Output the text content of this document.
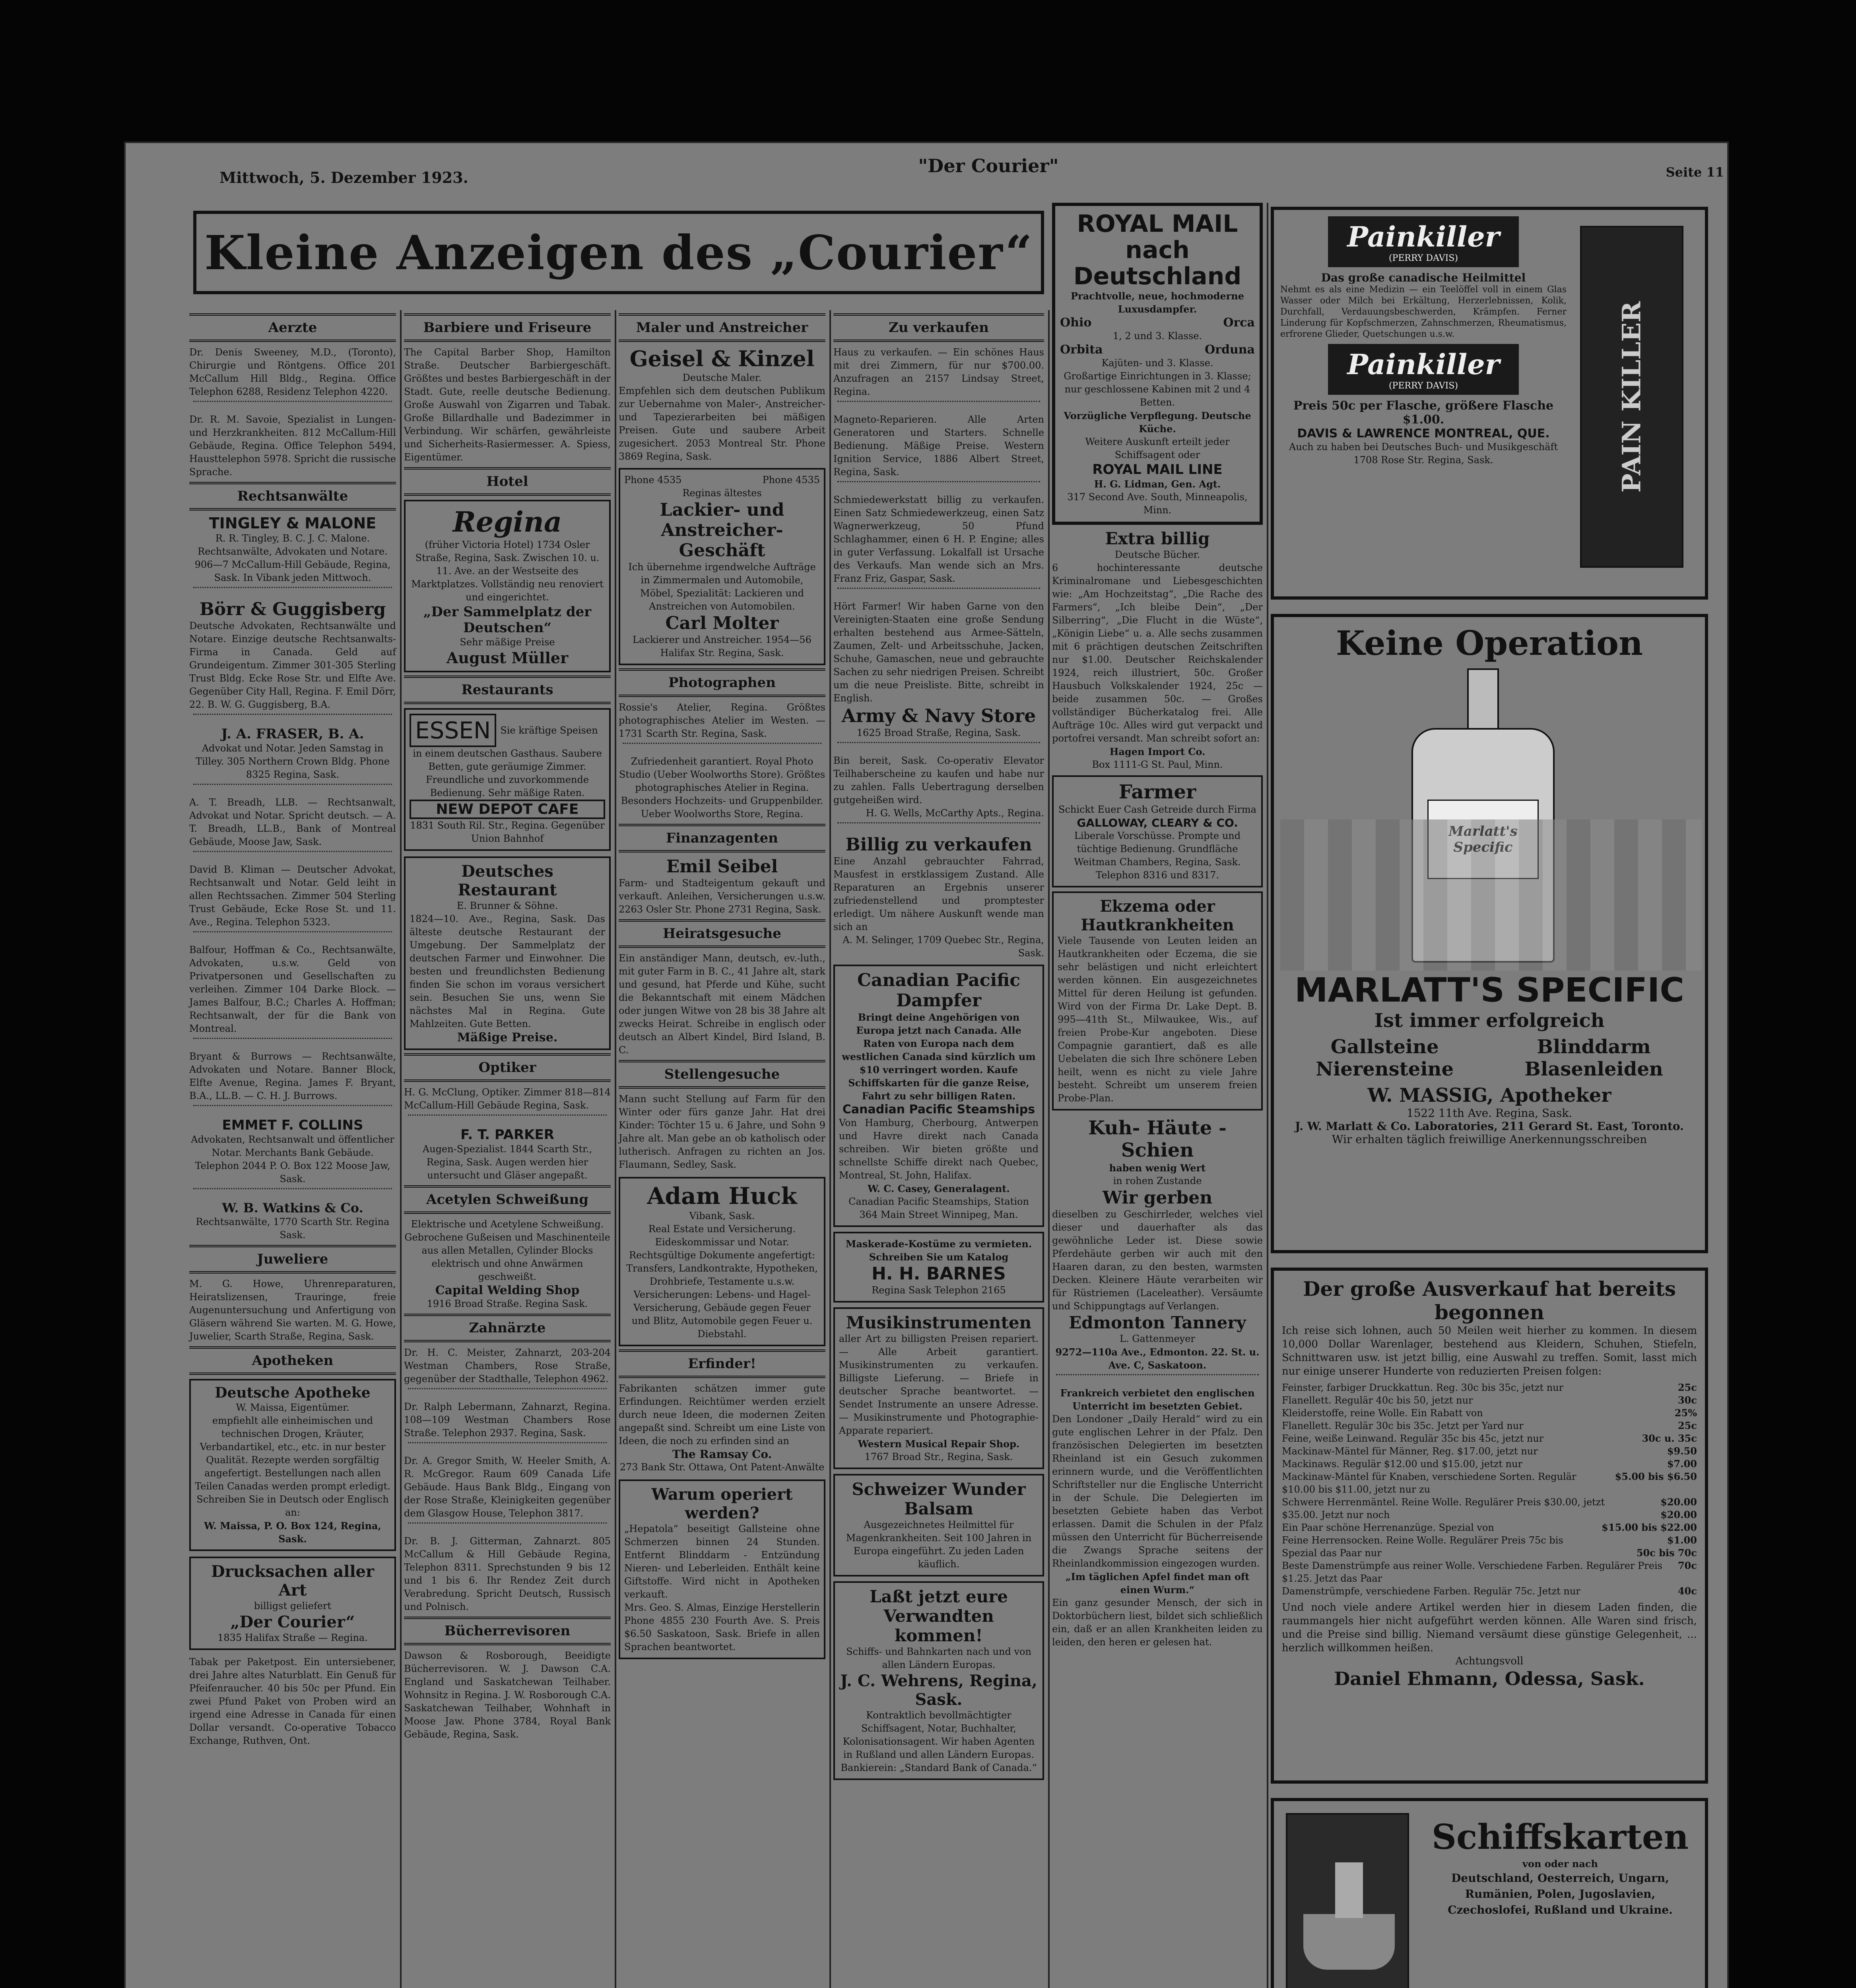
Mittwoch, 5. Dezember 1923.
"Der Courier"	Seite 11
Kleine Anzeigen des „Courier“
Aerzte
Dr. Denis Sweeney, M.D., (Toronto), Chirurgie und Röntgens. Office 201 McCallum Hill Bldg., Regina. Office Telephon 6288, Residenz Telephon 4220.
Dr. R. M. Savoie, Spezialist in Lungen- und Herzkrankheiten. 812 McCallum-Hill Gebäude, Regina. Office Telephon 5494, Hausttelephon 5978. Spricht die russische Sprache.
Rechtsanwälte
TINGLEY & MALONE
R. R. Tingley, B. C. J. C. Malone. Rechtsanwälte, Advokaten und Notare. 906—7 McCallum-Hill Gebäude, Regina, Sask. In Vibank jeden Mittwoch.
Börr & Guggisberg
Deutsche Advokaten, Rechtsanwälte und Notare. Einzige deutsche Rechtsanwalts-Firma in Canada. Geld auf Grundeigentum. Zimmer 301-305 Sterling Trust Bldg. Ecke Rose Str. und Elfte Ave. Gegenüber City Hall, Regina. F. Emil Dörr, 22. B. W. G. Guggisberg, B.A.
J. A. FRASER, B. A.
Advokat und Notar. Jeden Samstag in Tilley. 305 Northern Crown Bldg. Phone 8325 Regina, Sask.
A. T. Breadh, LLB. — Rechtsanwalt, Advokat und Notar. Spricht deutsch. — A. T. Breadh, LL.B., Bank of Montreal Gebäude, Moose Jaw, Sask.
David B. Kliman — Deutscher Advokat, Rechtsanwalt und Notar. Geld leiht in allen Rechtssachen. Zimmer 504 Sterling Trust Gebäude, Ecke Rose St. und 11. Ave., Regina. Telephon 5323.
Balfour, Hoffman & Co., Rechtsanwälte, Advokaten, u.s.w. Geld von Privatpersonen und Gesellschaften zu verleihen. Zimmer 104 Darke Block. — James Balfour, B.C.; Charles A. Hoffman; Rechtsanwalt, der für die Bank von Montreal.
Bryant & Burrows — Rechtsanwälte, Advokaten und Notare. Banner Block, Elfte Avenue, Regina. James F. Bryant, B.A., LL.B. — C. H. J. Burrows.
EMMET F. COLLINS
Advokaten, Rechtsanwalt und öffentlicher Notar. Merchants Bank Gebäude. Telephon 2044 P. O. Box 122 Moose Jaw, Sask.
W. B. Watkins & Co.
Rechtsanwälte, 1770 Scarth Str. Regina Sask.
Juweliere
M. G. Howe, Uhrenreparaturen, Heiratslizensen, Trauringe, freie Augenuntersuchung und Anfertigung von Gläsern während Sie warten. M. G. Howe, Juwelier, Scarth Straße, Regina, Sask.
Apotheken
Deutsche Apotheke
W. Maissa, Eigentümer.
empfiehlt alle einheimischen und technischen Drogen, Kräuter, Verbandartikel, etc., etc. in nur bester Qualität. Rezepte werden sorgfältig angefertigt. Bestellungen nach allen Teilen Canadas werden prompt erledigt. Schreiben Sie in Deutsch oder Englisch an:
W. Maissa, P. O. Box 124, Regina, Sask.
Drucksachen aller Art
billigst geliefert
„Der Courier“
1835 Halifax Straße — Regina.
Tabak per Paketpost. Ein untersiebener, drei Jahre altes Naturblatt. Ein Genuß für Pfeifenraucher. 40 bis 50c per Pfund. Ein zwei Pfund Paket von Proben wird an irgend eine Adresse in Canada für einen Dollar versandt. Co-operative Tobacco Exchange, Ruthven, Ont.
Barbiere und Friseure
The Capital Barber Shop, Hamilton Straße. Deutscher Barbiergeschäft. Größtes und bestes Barbiergeschäft in der Stadt. Gute, reelle deutsche Bedienung. Große Auswahl von Zigarren und Tabak. Große Billardhalle und Badezimmer in Verbindung. Wir schärfen, gewährleiste und Sicherheits-Rasiermesser. A. Spiess, Eigentümer.
Hotel
Regina
(früher Victoria Hotel) 1734 Osler Straße, Regina, Sask. Zwischen 10. u. 11. Ave. an der Westseite des Marktplatzes. Vollständig neu renoviert und eingerichtet.
„Der Sammelplatz der Deutschen“
Sehr mäßige Preise
August Müller
Restaurants
ESSEN	Sie kräftige Speisen
in einem deutschen Gasthaus. Saubere Betten, gute geräumige Zimmer. Freundliche und zuvorkommende Bedienung. Sehr mäßige Raten.
NEW DEPOT CAFE
1831 South Ril. Str., Regina. Gegenüber Union Bahnhof
Deutsches Restaurant
E. Brunner & Söhne.
1824—10. Ave., Regina, Sask. Das älteste deutsche Restaurant der Umgebung. Der Sammelplatz der deutschen Farmer und Einwohner. Die besten und freundlichsten Bedienung finden Sie schon im voraus versichert sein. Besuchen Sie uns, wenn Sie nächstes Mal in Regina. Gute Mahlzeiten. Gute Betten.
Mäßige Preise.
Optiker
H. G. McClung, Optiker. Zimmer 818—814 McCallum-Hill Gebäude Regina, Sask.
F. T. PARKER
Augen-Spezialist. 1844 Scarth Str., Regina, Sask. Augen werden hier untersucht und Gläser angepaßt.
Acetylen Schweißung
Elektrische und Acetylene Schweißung. Gebrochene Gußeisen und Maschinenteile aus allen Metallen, Cylinder Blocks elektrisch und ohne Anwärmen geschweißt.
Capital Welding Shop
1916 Broad Straße. Regina Sask.
Zahnärzte
Dr. H. C. Meister, Zahnarzt, 203-204 Westman Chambers, Rose Straße, gegenüber der Stadthalle, Telephon 4962.
Dr. Ralph Lebermann, Zahnarzt, Regina. 108—109 Westman Chambers Rose Straße. Telephon 2937. Regina, Sask.
Dr. A. Gregor Smith, W. Heeler Smith, A. R. McGregor. Raum 609 Canada Life Gebäude. Haus Bank Bldg., Eingang von der Rose Straße, Kleinigkeiten gegenüber dem Glasgow House, Telephon 3817.
Dr. B. J. Gitterman, Zahnarzt. 805 McCallum & Hill Gebäude Regina, Telephon 8311. Sprechstunden 9 bis 12 und 1 bis 6. Ihr Rendez Zeit durch Verabredung. Spricht Deutsch, Russisch und Polnisch.
Bücherrevisoren
Dawson & Rosborough, Beeidigte Bücherrevisoren. W. J. Dawson C.A. England und Saskatchewan Teilhaber. Wohnsitz in Regina. J. W. Rosborough C.A. Saskatchewan Teilhaber, Wohnhaft in Moose Jaw. Phone 3784, Royal Bank Gebäude, Regina, Sask.
Maler und Anstreicher
Geisel & Kinzel
Deutsche Maler.
Empfehlen sich dem deutschen Publikum zur Uebernahme von Maler-, Anstreicher- und Tapezierarbeiten bei mäßigen Preisen. Gute und saubere Arbeit zugesichert. 2053 Montreal Str. Phone 3869 Regina, Sask.
Phone 4535	Phone 4535
Reginas ältestes
Lackier- und Anstreicher-Geschäft
Ich übernehme irgendwelche Aufträge in Zimmermalen und Automobile, Möbel, Spezialität: Lackieren und Anstreichen von Automobilen.
Carl Molter
Lackierer und Anstreicher. 1954—56 Halifax Str. Regina, Sask.
Photographen
Rossie's Atelier, Regina. Größtes photographisches Atelier im Westen. — 1731 Scarth Str. Regina, Sask.
Zufriedenheit garantiert. Royal Photo Studio (Ueber Woolworths Store). Größtes photographisches Atelier in Regina. Besonders Hochzeits- und Gruppenbilder. Ueber Woolworths Store, Regina.
Finanzagenten
Emil Seibel
Farm- und Stadteigentum gekauft und verkauft. Anleihen, Versicherungen u.s.w. 2263 Osler Str. Phone 2731 Regina, Sask.
Heiratsgesuche
Ein anständiger Mann, deutsch, ev.-luth., mit guter Farm in B. C., 41 Jahre alt, stark und gesund, hat Pferde und Kühe, sucht die Bekanntschaft mit einem Mädchen oder jungen Witwe von 28 bis 38 Jahre alt zwecks Heirat. Schreibe in englisch oder deutsch an Albert Kindel, Bird Island, B. C.
Stellengesuche
Mann sucht Stellung auf Farm für den Winter oder fürs ganze Jahr. Hat drei Kinder: Töchter 15 u. 6 Jahre, und Sohn 9 Jahre alt. Man gebe an ob katholisch oder lutherisch. Anfragen zu richten an Jos. Flaumann, Sedley, Sask.
Adam Huck
Vibank, Sask.
Real Estate und Versicherung. Eideskommissar und Notar. Rechtsgültige Dokumente angefertigt: Transfers, Landkontrakte, Hypotheken, Drohbriefe, Testamente u.s.w. Versicherungen: Lebens- und Hagel-Versicherung, Gebäude gegen Feuer und Blitz, Automobile gegen Feuer u. Diebstahl.
Erfinder!
Fabrikanten schätzen immer gute Erfindungen. Reichtümer werden erzielt durch neue Ideen, die modernen Zeiten angepaßt sind. Schreibt um eine Liste von Ideen, die noch zu erfinden sind an
The Ramsay Co.
273 Bank Str. Ottawa, Ont Patent-Anwälte
Warum operiert werden?
„Hepatola“ beseitigt Gallsteine ohne Schmerzen binnen 24 Stunden. Entfernt Blinddarm - Entzündung Nieren- und Leberleiden. Enthält keine Giftstoffe. Wird nicht in Apotheken verkauft.
Mrs. Geo. S. Almas, Einzige Herstellerin
Phone 4855 230 Fourth Ave. S. Preis $6.50 Saskatoon, Sask. Briefe in allen Sprachen beantwortet.
Zu verkaufen
Haus zu verkaufen. — Ein schönes Haus mit drei Zimmern, für nur $700.00. Anzufragen an 2157 Lindsay Street, Regina.
Magneto-Reparieren. Alle Arten Generatoren und Starters. Schnelle Bedienung. Mäßige Preise. Western Ignition Service, 1886 Albert Street, Regina, Sask.
Schmiedewerkstatt billig zu verkaufen. Einen Satz Schmiedewerkzeug, einen Satz Wagnerwerkzeug, 50 Pfund Schlaghammer, einen 6 H. P. Engine; alles in guter Verfassung. Lokalfall ist Ursache des Verkaufs. Man wende sich an Mrs. Franz Friz, Gaspar, Sask.
Hört Farmer! Wir haben Garne von den Vereinigten-Staaten eine große Sendung erhalten bestehend aus Armee-Sätteln, Zaumen, Zelt- und Arbeitsschuhe, Jacken, Schuhe, Gamaschen, neue und gebrauchte Sachen zu sehr niedrigen Preisen. Schreibt um die neue Preisliste. Bitte, schreibt in English.
Army & Navy Store
1625 Broad Straße, Regina, Sask.
Bin bereit, Sask. Co-operativ Elevator Teilhaberscheine zu kaufen und habe nur zu zahlen. Falls Uebertragung derselben gutgeheißen wird.
H. G. Wells, McCarthy Apts., Regina.
Billig zu verkaufen
Eine Anzahl gebrauchter Fahrrad, Mausfest in erstklassigem Zustand. Alle Reparaturen an Ergebnis unserer zufriedenstellend und promptester erledigt. Um nähere Auskunft wende man sich an
A. M. Selinger, 1709 Quebec Str., Regina, Sask.
Canadian Pacific Dampfer
Bringt deine Angehörigen von Europa jetzt nach Canada. Alle Raten von Europa nach dem westlichen Canada sind kürzlich um $10 verringert worden. Kaufe Schiffskarten für die ganze Reise, Fahrt zu sehr billigen Raten.
Canadian Pacific Steamships
Von Hamburg, Cherbourg, Antwerpen und Havre direkt nach Canada schreiben. Wir bieten größte und schnellste Schiffe direkt nach Quebec, Montreal, St. John, Halifax.
W. C. Casey, Generalagent.
Canadian Pacific Steamships, Station 364 Main Street Winnipeg, Man.
Maskerade-Kostüme zu vermieten. Schreiben Sie um Katalog
H. H. BARNES
Regina Sask Telephon 2165
Musikinstrumenten
aller Art zu billigsten Preisen repariert. — Alle Arbeit garantiert. Musikinstrumenten zu verkaufen. Billigste Lieferung. — Briefe in deutscher Sprache beantwortet. — Sendet Instrumente an unsere Adresse. — Musikinstrumente und Photographie-Apparate repariert.
Western Musical Repair Shop.
1767 Broad Str., Regina, Sask.
Schweizer Wunder Balsam
Ausgezeichnetes Heilmittel für Magenkrankheiten. Seit 100 Jahren in Europa eingeführt. Zu jeden Laden käuflich.
Laßt jetzt eure Verwandten kommen!
Schiffs- und Bahnkarten nach und von allen Ländern Europas.
J. C. Wehrens, Regina, Sask.
Kontraktlich bevollmächtigter Schiffsagent, Notar, Buchhalter, Kolonisationsagent. Wir haben Agenten in Rußland und allen Ländern Europas.
Bankierein: „Standard Bank of Canada.“
ROYAL MAIL nach Deutschland
Prachtvolle, neue, hochmoderne Luxusdampfer.
Ohio	Orca
1, 2 und 3. Klasse.
Orbita	Orduna
Kajüten- und 3. Klasse.
Großartige Einrichtungen in 3. Klasse; nur geschlossene Kabinen mit 2 und 4 Betten.
Vorzügliche Verpflegung. Deutsche Küche.
Weitere Auskunft erteilt jeder Schiffsagent oder
ROYAL MAIL LINE
H. G. Lidman, Gen. Agt.
317 Second Ave. South, Minneapolis, Minn.
Extra billig
Deutsche Bücher.
6 hochinteressante deutsche Kriminalromane und Liebesgeschichten wie: „Am Hochzeitstag“, „Die Rache des Farmers“, „Ich bleibe Dein“, „Der Silberring“, „Die Flucht in die Wüste“, „Königin Liebe“ u. a. Alle sechs zusammen mit 6 prächtigen deutschen Zeitschriften nur $1.00. Deutscher Reichskalender 1924, reich illustriert, 50c. Großer Hausbuch Volkskalender 1924, 25c — beide zusammen 50c. — Großes vollständiger Bücherkatalog frei. Alle Aufträge 10c. Alles wird gut verpackt und portofrei versandt. Man schreibt sofort an:
Hagen Import Co.
Box 1111-G St. Paul, Minn.
Farmer
Schickt Euer Cash Getreide durch Firma
GALLOWAY, CLEARY & CO.
Liberale Vorschüsse. Prompte und tüchtige Bedienung. Grundfläche Weitman Chambers, Regina, Sask. Telephon 8316 und 8317.
Ekzema oder Hautkrankheiten
Viele Tausende von Leuten leiden an Hautkrankheiten oder Eczema, die sie sehr belästigen und nicht erleichtert werden können. Ein ausgezeichnetes Mittel für deren Heilung ist gefunden. Wird von der Firma Dr. Lake Dept. B. 995—41th St., Milwaukee, Wis., auf freien Probe-Kur angeboten. Diese Compagnie garantiert, daß es alle Uebelaten die sich Ihre schönere Leben heilt, wenn es nicht zu viele Jahre besteht. Schreibt um unserem freien Probe-Plan.
Kuh- Häute -Schien
haben wenig Wert
in rohen Zustande
Wir gerben
dieselben zu Geschirrleder, welches viel dieser und dauerhafter als das gewöhnliche Leder ist. Diese sowie Pferdehäute gerben wir auch mit den Haaren daran, zu den besten, warmsten Decken. Kleinere Häute verarbeiten wir für Rüstriemen (Laceleather). Versäumte und Schippungtags auf Verlangen.
Edmonton Tannery
L. Gattenmeyer
9272—110a Ave., Edmonton. 22. St. u. Ave. C, Saskatoon.
Frankreich verbietet den englischen Unterricht im besetzten Gebiet.
Den Londoner „Daily Herald“ wird zu ein gute englischen Lehrer in der Pfalz. Den französischen Delegierten im besetzten Rheinland ist ein Gesuch zukommen erinnern wurde, und die Veröffentlichten Schriftsteller nur die Englische Unterricht in der Schule. Die Delegierten im besetzten Gebiete haben das Verbot erlassen. Damit die Schulen in der Pfalz müssen den Unterricht für Bücherreisende die Zwangs Sprache seitens der Rheinlandkommission eingezogen wurden.
„Im täglichen Apfel findet man oft einen Wurm.“
Ein ganz gesunder Mensch, der sich in Doktorbüchern liest, bildet sich schließlich ein, daß er an allen Krankheiten leiden zu leiden, den heren er gelesen hat.
Painkiller
(PERRY DAVIS)
Das große canadische Heilmittel
Nehmt es als eine Medizin — ein Teelöffel voll in einem Glas Wasser oder Milch bei Erkältung, Herzerlebnissen, Kolik, Durchfall, Verdauungsbeschwerden, Krämpfen. Ferner Linderung für Kopfschmerzen, Zahnschmerzen, Rheumatismus, erfrorene Glieder, Quetschungen u.s.w.
Painkiller
(PERRY DAVIS)
Preis 50c per Flasche, größere Flasche $1.00.
DAVIS & LAWRENCE MONTREAL, QUE.
Auch zu haben bei Deutsches Buch- und Musikgeschäft
1708 Rose Str. Regina, Sask.	PAIN KILLER
Keine Operation
MARLATT'S SPECIFIC
Ist immer erfolgreich
Gallsteine
Nierensteine
Blinddarm
Blasenleiden
W. MASSIG, Apotheker
1522 11th Ave. Regina, Sask.
J. W. Marlatt & Co. Laboratories, 211 Gerard St. East, Toronto.
Wir erhalten täglich freiwillige Anerkennungsschreiben
Der große Ausverkauf hat bereits begonnen
Ich reise sich lohnen, auch 50 Meilen weit hierher zu kommen. In diesem 10,000 Dollar Warenlager, bestehend aus Kleidern, Schuhen, Stiefeln, Schnittwaren usw. ist jetzt billig, eine Auswahl zu treffen. Somit, lasst mich nur einige unserer Hunderte von reduzierten Preisen folgen:
Feinster, farbiger Druckkattun. Reg. 30c bis 35c, jetzt nur	25c
Flanellett. Regulär 40c bis 50, jetzt nur	30c
Kleiderstoffe, reine Wolle. Ein Rabatt von	25%
Flanellett. Regulär 30c bis 35c. Jetzt per Yard nur	25c
Feine, weiße Leinwand. Regulär 35c bis 45c, jetzt nur	30c u. 35c
Mackinaw-Mäntel für Männer, Reg. $17.00, jetzt nur	$9.50
Mackinaws. Regulär $12.00 und $15.00, jetzt nur	$7.00
Mackinaw-Mäntel für Knaben, verschiedene Sorten. Regulär $10.00 bis $11.00, jetzt nur zu
$5.00 bis $6.50
Schwere Herrenmäntel. Reine Wolle. Regulärer Preis $30.00, jetzt	$20.00
$35.00. Jetzt nur noch	$20.00
Ein Paar schöne Herrenanzüge. Spezial von	$15.00 bis $22.00
Feine Herrensocken. Reine Wolle. Regulärer Preis 75c bis	$1.00
Spezial das Paar nur	50c bis 70c
Beste Damenstrümpfe aus reiner Wolle. Verschiedene Farben. Regulärer Preis $1.25. Jetzt das Paar
70c
Damenstrümpfe, verschiedene Farben. Regulär 75c. Jetzt nur	40c
Und noch viele andere Artikel werden hier in diesem Laden finden, die raummangels hier nicht aufgeführt werden können. Alle Waren sind frisch, und die Preise sind billig. Niemand versäumt diese günstige Gelegenheit, ... herzlich willkommen heißen.
Achtungsvoll
Daniel Ehmann, Odessa, Sask.
Schiffskarten
von oder nach
Deutschland, Oesterreich, Ungarn, Rumänien, Polen, Jugoslavien, Czechoslofei, Rußland und Ukraine.
